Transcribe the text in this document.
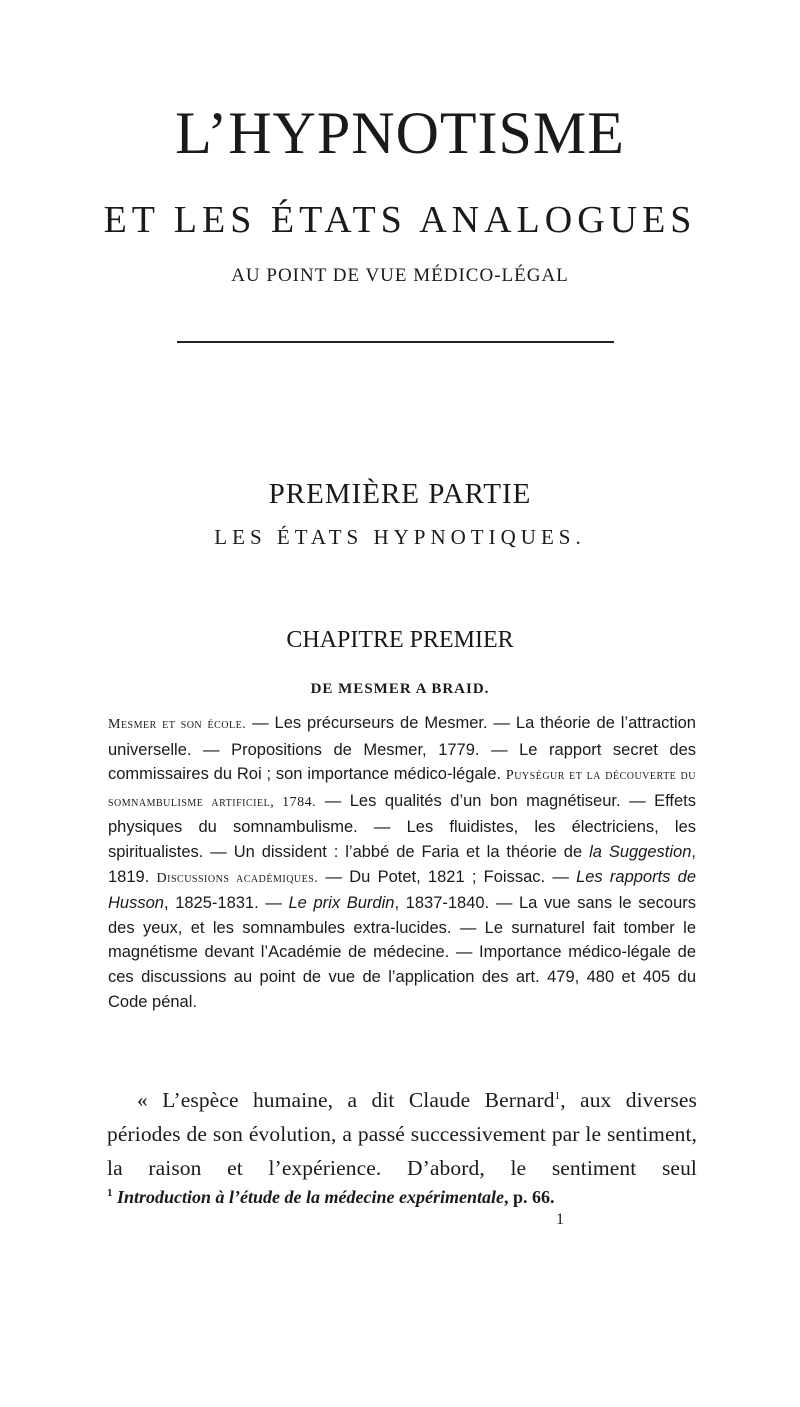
L’HYPNOTISME
ET LES ÉTATS ANALOGUES
AU POINT DE VUE MÉDICO-LÉGAL
PREMIÈRE PARTIE
LES ÉTATS HYPNOTIQUES.
CHAPITRE PREMIER
DE MESMER A BRAID.
Mesmer et son école. — Les précurseurs de Mesmer. — La théorie de l’attraction universelle. — Propositions de Mesmer, 1779. — Le rapport secret des commissaires du Roi ; son importance médico-légale. Puységur et la découverte du somnambulisme artificiel, 1784. — Les qualités d’un bon magnétiseur. — Effets physiques du somnambulisme. — Les fluidistes, les électriciens, les spiritualistes. — Un dissident : l’abbé de Faria et la théorie de la Suggestion, 1819. Discussions académiques. — Du Potet, 1821 ; Foissac. — Les rapports de Husson, 1825-1831. — Le prix Burdin, 1837-1840. — La vue sans le secours des yeux, et les somnambules extra-lucides. — Le surnaturel fait tomber le magnétisme devant l’Académie de médecine. — Importance médico-légale de ces discussions au point de vue de l’application des art. 479, 480 et 405 du Code pénal.

« L’espèce humaine, a dit Claude Bernard$^1$, aux diverses périodes de son évolution, a passé successivement par le sentiment, la raison et l’expérience. D’abord, le sentiment seul

$^1$ Introduction à l’étude de la médecine expérimentale, p. 66.
1
